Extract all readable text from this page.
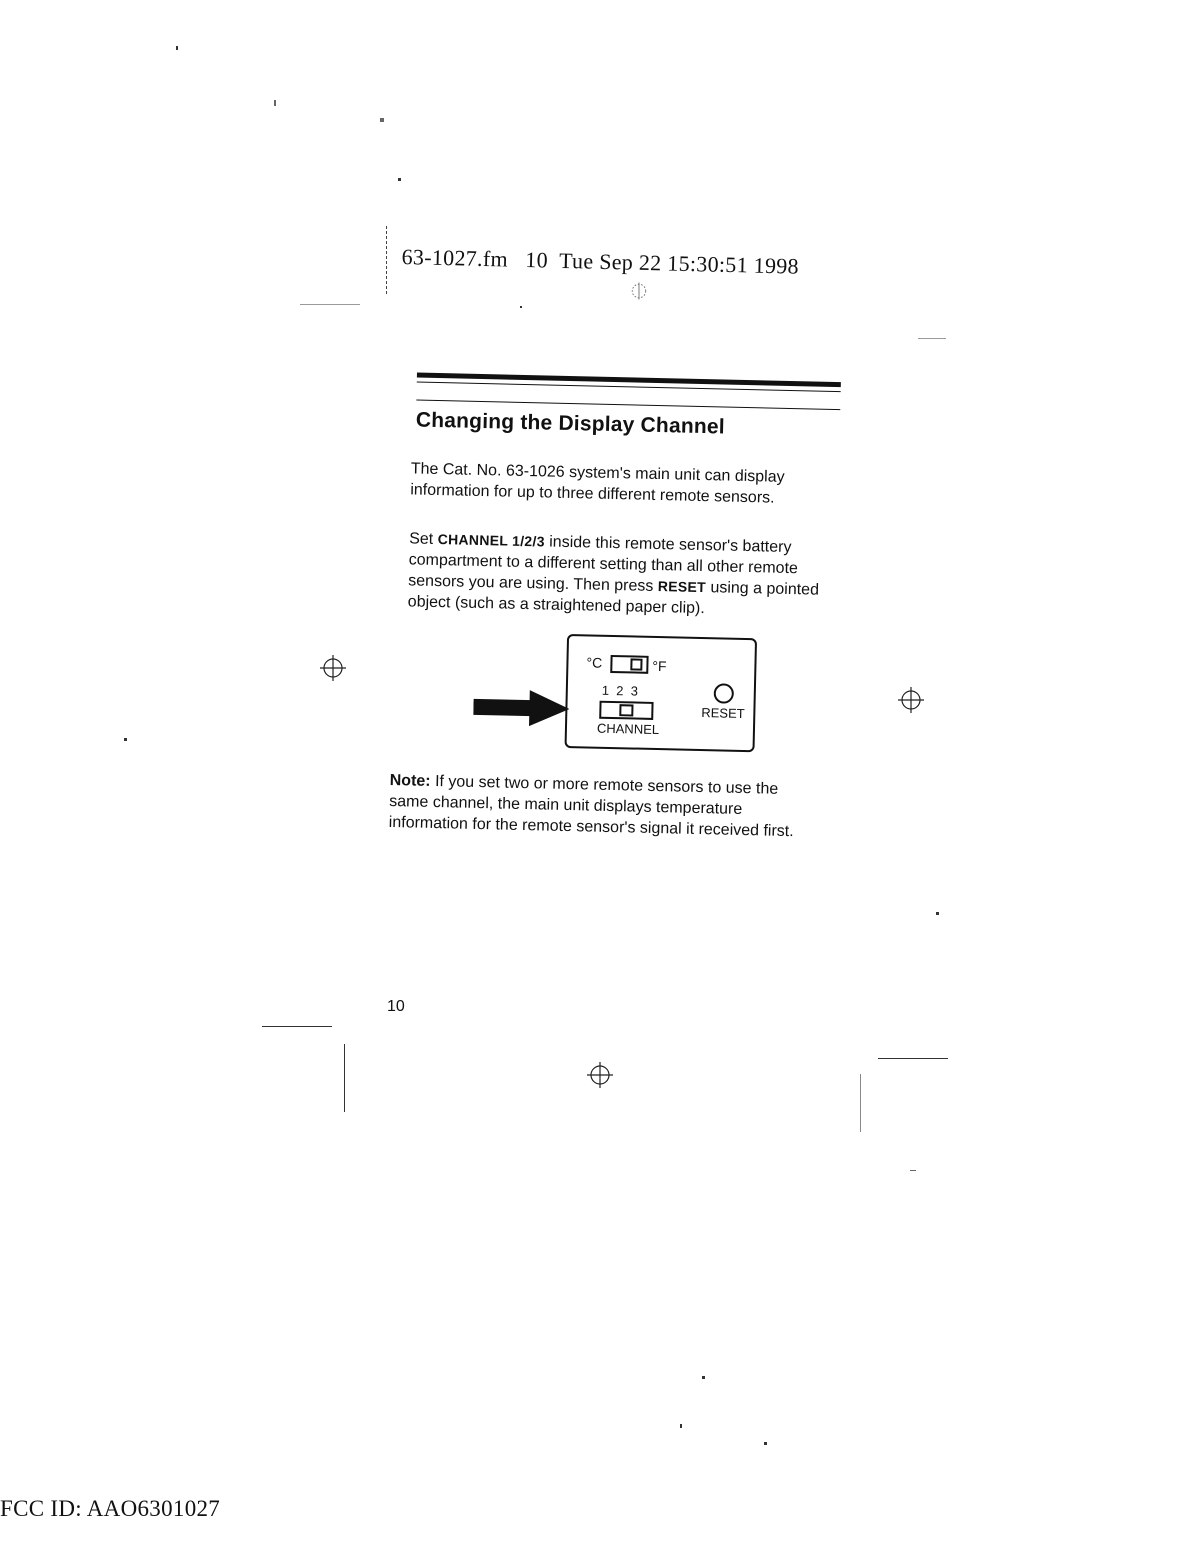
63-1027.fm 10 Tue Sep 22 15:30:51 1998
Changing the Display Channel
The Cat. No. 63-1026 system's main unit can display information for up to three different remote sensors.
Set CHANNEL 1/2/3 inside this remote sensor's battery compartment to a different setting than all other remote sensors you are using. Then press RESET using a pointed object (such as a straightened paper clip).
°C	°F
1  2  3
CHANNEL
RESET
Note: If you set two or more remote sensors to use the same channel, the main unit displays temperature information for the remote sensor's signal it received first.
10
FCC ID: AAO6301027
